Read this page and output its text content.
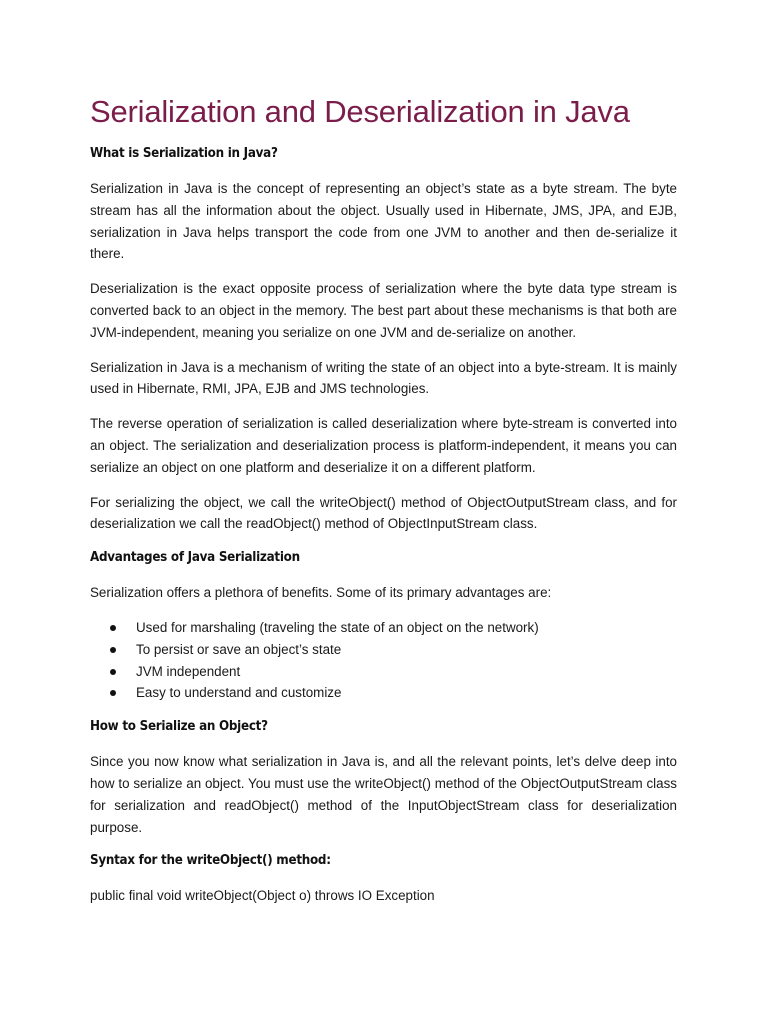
Serialization and Deserialization in Java
What is Serialization in Java?

Serialization in Java is the concept of representing an object’s state as a byte stream. The byte stream has all the information about the object. Usually used in Hibernate, JMS, JPA, and EJB, serialization in Java helps transport the code from one JVM to another and then de-serialize it there.

Deserialization is the exact opposite process of serialization where the byte data type stream is converted back to an object in the memory. The best part about these mechanisms is that both are JVM-independent, meaning you serialize on one JVM and de-serialize on another.

Serialization in Java is a mechanism of writing the state of an object into a byte-stream. It is mainly used in Hibernate, RMI, JPA, EJB and JMS technologies.

The reverse operation of serialization is called deserialization where byte-stream is converted into an object. The serialization and deserialization process is platform-independent, it means you can serialize an object on one platform and deserialize it on a different platform.

For serializing the object, we call the writeObject() method of ObjectOutputStream class, and for deserialization we call the readObject() method of ObjectInputStream class.

Advantages of Java Serialization

Serialization offers a plethora of benefits. Some of its primary advantages are:

Used for marshaling (traveling the state of an object on the network)
To persist or save an object’s state
JVM independent
Easy to understand and customize
How to Serialize an Object?

Since you now know what serialization in Java is, and all the relevant points, let’s delve deep into how to serialize an object. You must use the writeObject() method of the ObjectOutputStream class for serialization and readObject() method of the InputObjectStream class for deserialization purpose.

Syntax for the writeObject() method:

public final void writeObject(Object o) throws IO Exception
